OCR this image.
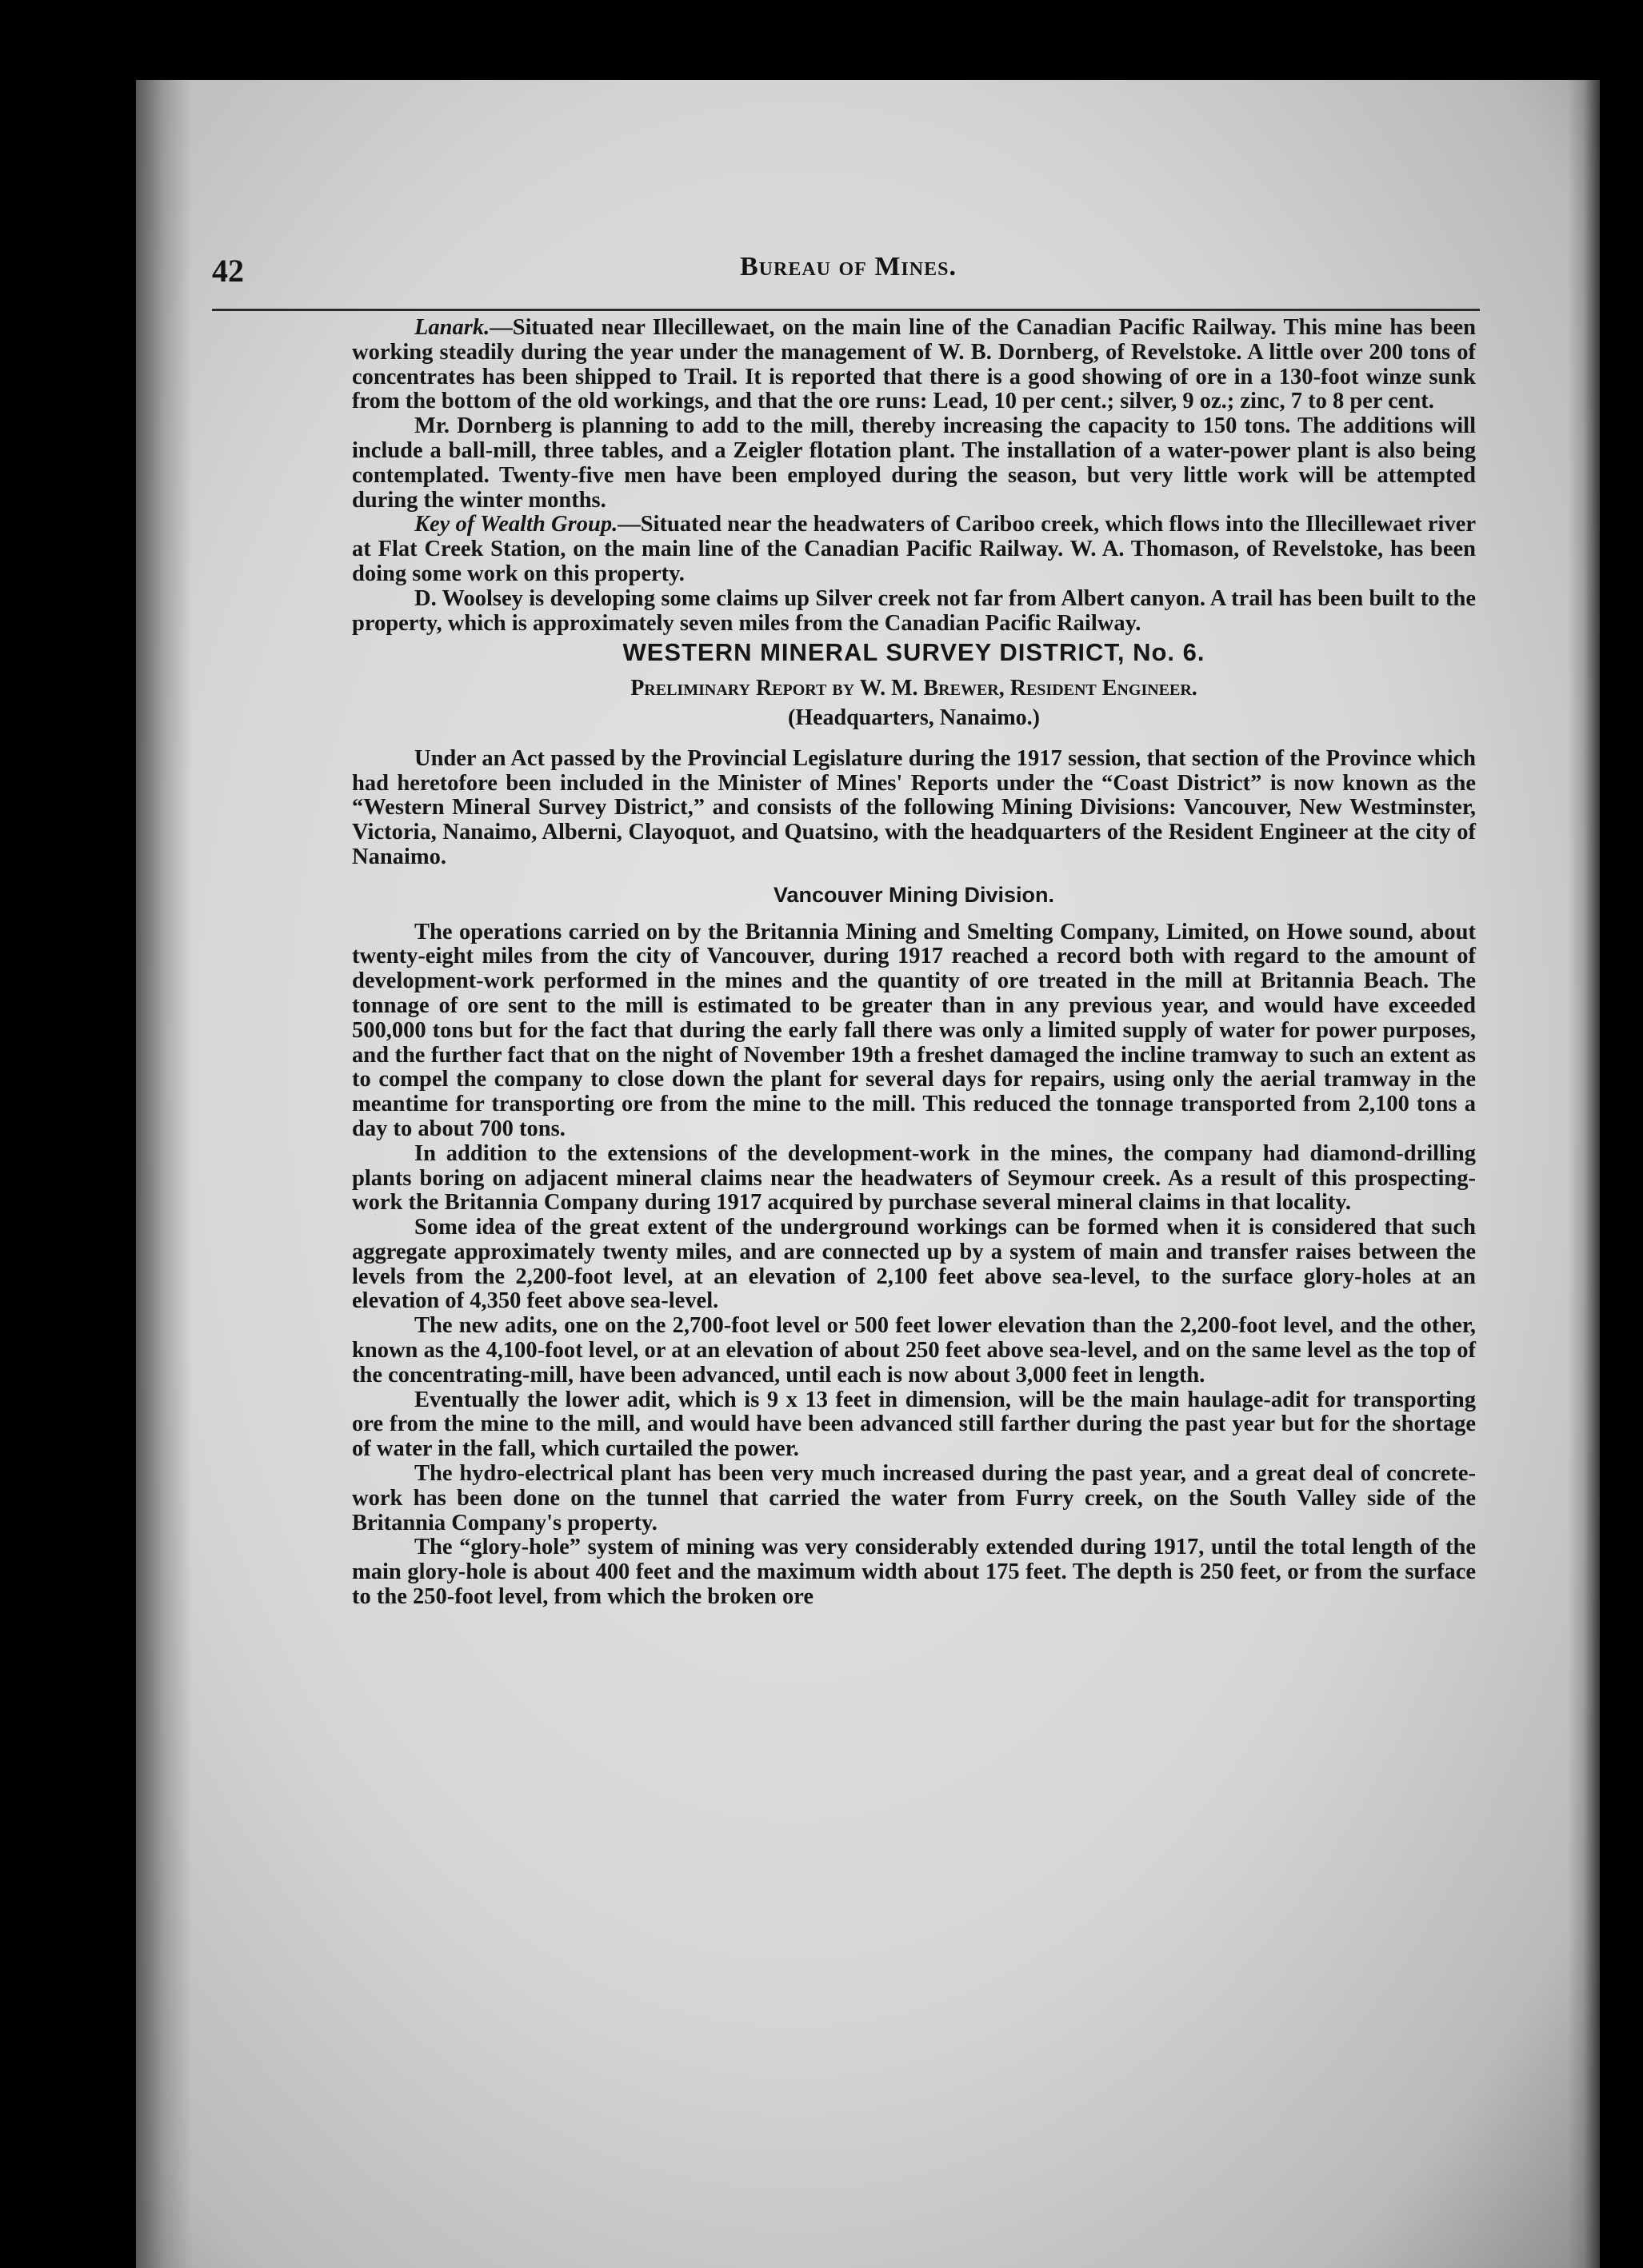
42	Bureau of Mines.

Lanark.—Situated near Illecillewaet, on the main line of the Canadian Pacific Railway. This mine has been working steadily during the year under the management of W. B. Dornberg, of Revelstoke. A little over 200 tons of concentrates has been shipped to Trail. It is reported that there is a good showing of ore in a 130-foot winze sunk from the bottom of the old workings, and that the ore runs: Lead, 10 per cent.; silver, 9 oz.; zinc, 7 to 8 per cent.

Mr. Dornberg is planning to add to the mill, thereby increasing the capacity to 150 tons. The additions will include a ball-mill, three tables, and a Zeigler flotation plant. The installation of a water-power plant is also being contemplated. Twenty-five men have been employed during the season, but very little work will be attempted during the winter months.

Key of Wealth Group.—Situated near the headwaters of Cariboo creek, which flows into the Illecillewaet river at Flat Creek Station, on the main line of the Canadian Pacific Railway. W. A. Thomason, of Revelstoke, has been doing some work on this property.

D. Woolsey is developing some claims up Silver creek not far from Albert canyon. A trail has been built to the property, which is approximately seven miles from the Canadian Pacific Railway.

WESTERN MINERAL SURVEY DISTRICT, No. 6.
Preliminary Report by W. M. Brewer, Resident Engineer.
(Headquarters, Nanaimo.)

Under an Act passed by the Provincial Legislature during the 1917 session, that section of the Province which had heretofore been included in the Minister of Mines' Reports under the “Coast District” is now known as the “Western Mineral Survey District,” and consists of the following Mining Divisions: Vancouver, New Westminster, Victoria, Nanaimo, Alberni, Clayoquot, and Quatsino, with the headquarters of the Resident Engineer at the city of Nanaimo.

Vancouver Mining Division.

The operations carried on by the Britannia Mining and Smelting Company, Limited, on Howe sound, about twenty-eight miles from the city of Vancouver, during 1917 reached a record both with regard to the amount of development-work performed in the mines and the quantity of ore treated in the mill at Britannia Beach. The tonnage of ore sent to the mill is estimated to be greater than in any previous year, and would have exceeded 500,000 tons but for the fact that during the early fall there was only a limited supply of water for power purposes, and the further fact that on the night of November 19th a freshet damaged the incline tramway to such an extent as to compel the company to close down the plant for several days for repairs, using only the aerial tramway in the meantime for transporting ore from the mine to the mill. This reduced the tonnage transported from 2,100 tons a day to about 700 tons.

In addition to the extensions of the development-work in the mines, the company had diamond-drilling plants boring on adjacent mineral claims near the headwaters of Seymour creek. As a result of this prospecting-work the Britannia Company during 1917 acquired by purchase several mineral claims in that locality.

Some idea of the great extent of the underground workings can be formed when it is considered that such aggregate approximately twenty miles, and are connected up by a system of main and transfer raises between the levels from the 2,200-foot level, at an elevation of 2,100 feet above sea-level, to the surface glory-holes at an elevation of 4,350 feet above sea-level.

The new adits, one on the 2,700-foot level or 500 feet lower elevation than the 2,200-foot level, and the other, known as the 4,100-foot level, or at an elevation of about 250 feet above sea-level, and on the same level as the top of the concentrating-mill, have been advanced, until each is now about 3,000 feet in length.

Eventually the lower adit, which is 9 x 13 feet in dimension, will be the main haulage-adit for transporting ore from the mine to the mill, and would have been advanced still farther during the past year but for the shortage of water in the fall, which curtailed the power.

The hydro-electrical plant has been very much increased during the past year, and a great deal of concrete-work has been done on the tunnel that carried the water from Furry creek, on the South Valley side of the Britannia Company's property.

The “glory-hole” system of mining was very considerably extended during 1917, until the total length of the main glory-hole is about 400 feet and the maximum width about 175 feet. The depth is 250 feet, or from the surface to the 250-foot level, from which the broken ore
